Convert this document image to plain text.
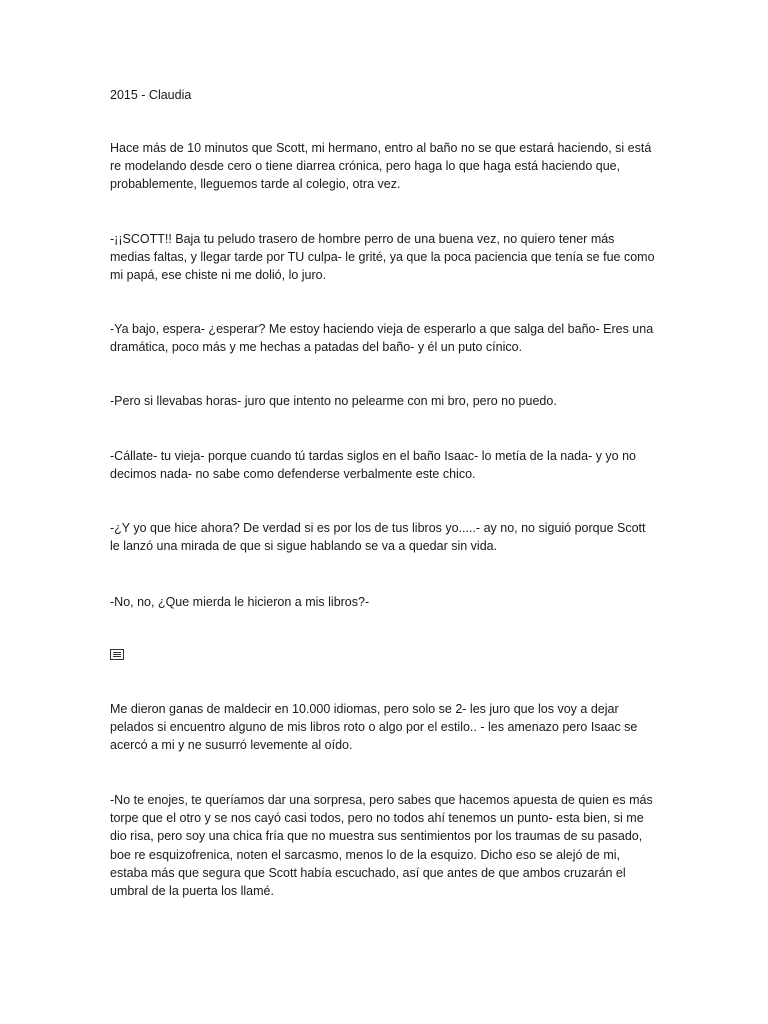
2015 - Claudia

Hace más de 10 minutos que Scott, mi hermano, entro al baño no se que estará haciendo, si está re modelando desde cero o tiene diarrea crónica, pero haga lo que haga está haciendo que, probablemente, lleguemos tarde al colegio, otra vez.

-¡¡SCOTT!! Baja tu peludo trasero de hombre perro de una buena vez, no quiero tener más medias faltas, y llegar tarde por TU culpa- le grité, ya que la poca paciencia que tenía se fue como mi papá, ese chiste ni me dolió, lo juro.

-Ya bajo, espera- ¿esperar? Me estoy haciendo vieja de esperarlo a que salga del baño- Eres una dramática, poco más y me hechas a patadas del baño- y él un puto cínico.

-Pero si llevabas horas- juro que intento no pelearme con mi bro, pero no puedo.

-Cállate- tu vieja- porque cuando tú tardas siglos en el baño Isaac- lo metía de la nada- y yo no decimos nada- no sabe como defenderse verbalmente este chico.

-¿Y yo que hice ahora? De verdad si es por los de tus libros yo.....- ay no, no siguió porque Scott le lanzó una mirada de que si sigue hablando se va a quedar sin vida.

-No, no, ¿Que mierda le hicieron a mis libros?-

Me dieron ganas de maldecir en 10.000 idiomas, pero solo se 2- les juro que los voy a dejar pelados si encuentro alguno de mis libros roto o algo por el estilo.. - les amenazo pero Isaac se acercó a mi y ne susurró levemente al oído.

-No te enojes, te queríamos dar una sorpresa, pero sabes que hacemos apuesta de quien es más torpe que el otro y se nos cayó casi todos, pero no todos ahí tenemos un punto- esta bien, si me dio risa, pero soy una chica fría que no muestra sus sentimientos por los traumas de su pasado, boe re esquizofrenica, noten el sarcasmo, menos lo de la esquizo. Dicho eso se alejó de mi, estaba más que segura que Scott había escuchado, así que antes de que ambos cruzarán el umbral de la puerta los llamé.
